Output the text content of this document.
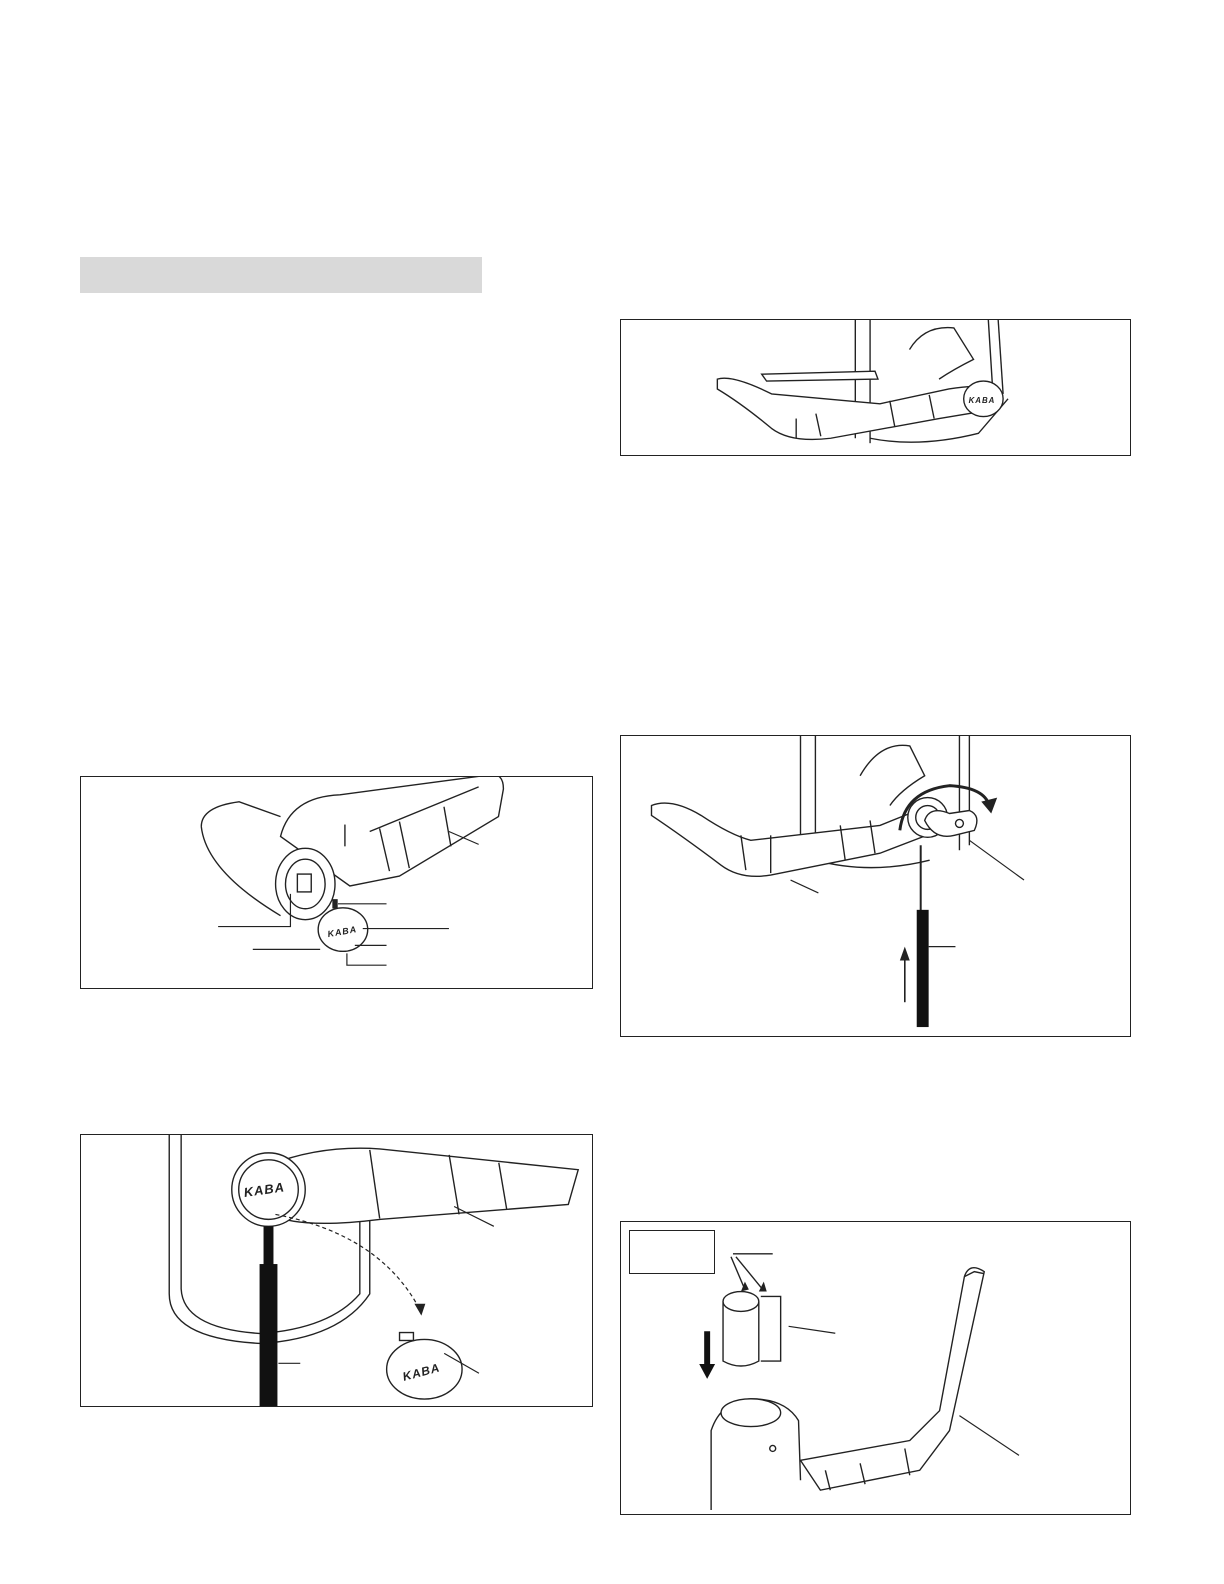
KABA
KABA
KABA
KABA
